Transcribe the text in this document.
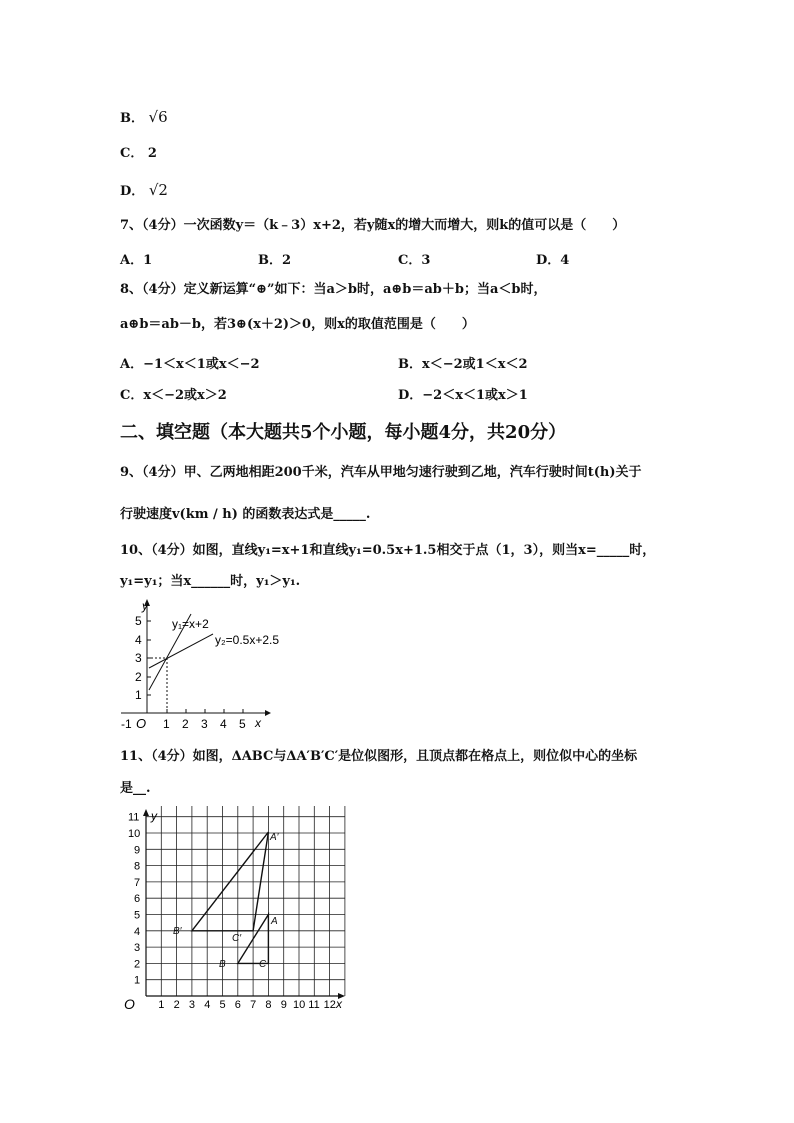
B． √6
C． 2
D． √2
7、（4分）一次函数y＝（k﹣3）x+2，若y随x的增大而增大，则k的值可以是（　　）
A．1	B．2	C．3	D．4
8、（4分）定义新运算“⊕”如下：当a＞b时，a⊕b＝ab＋b；当a＜b时，
a⊕b＝ab－b，若3⊕(x＋2)＞0，则x的取值范围是（　　）
A．−1＜x＜1或x＜−2	B．x＜−2或1＜x＜2
C．x＜−2或x＞2	D．−2＜x＜1或x＞1
二、填空题（本大题共5个小题，每小题4分，共20分）
9、（4分）甲、乙两地相距200千米，汽车从甲地匀速行驶到乙地，汽车行驶时间t(h)关于
行驶速度v(km / h) 的函数表达式是_____.
10、（4分）如图，直线y₁=x+1和直线y₁=0.5x+1.5相交于点（1，3），则当x=_____时，
y₁=y₁；当x______时，y₁＞y₁.
y
x
O
-1	1 2 3 4 5
1
2
3
4
5	y₁=x+2
y₂=0.5x+2.5
11、（4分）如图，ΔABC与ΔA′B′C′是位似图形，且顶点都在格点上，则位似中心的坐标
是__.
A′
B′
C′
A
B	C
y
x
O 1 2 3 4 5 6 7 8 9 10 11 12
1
2
3
4
5
6
7
8
9
10
11
